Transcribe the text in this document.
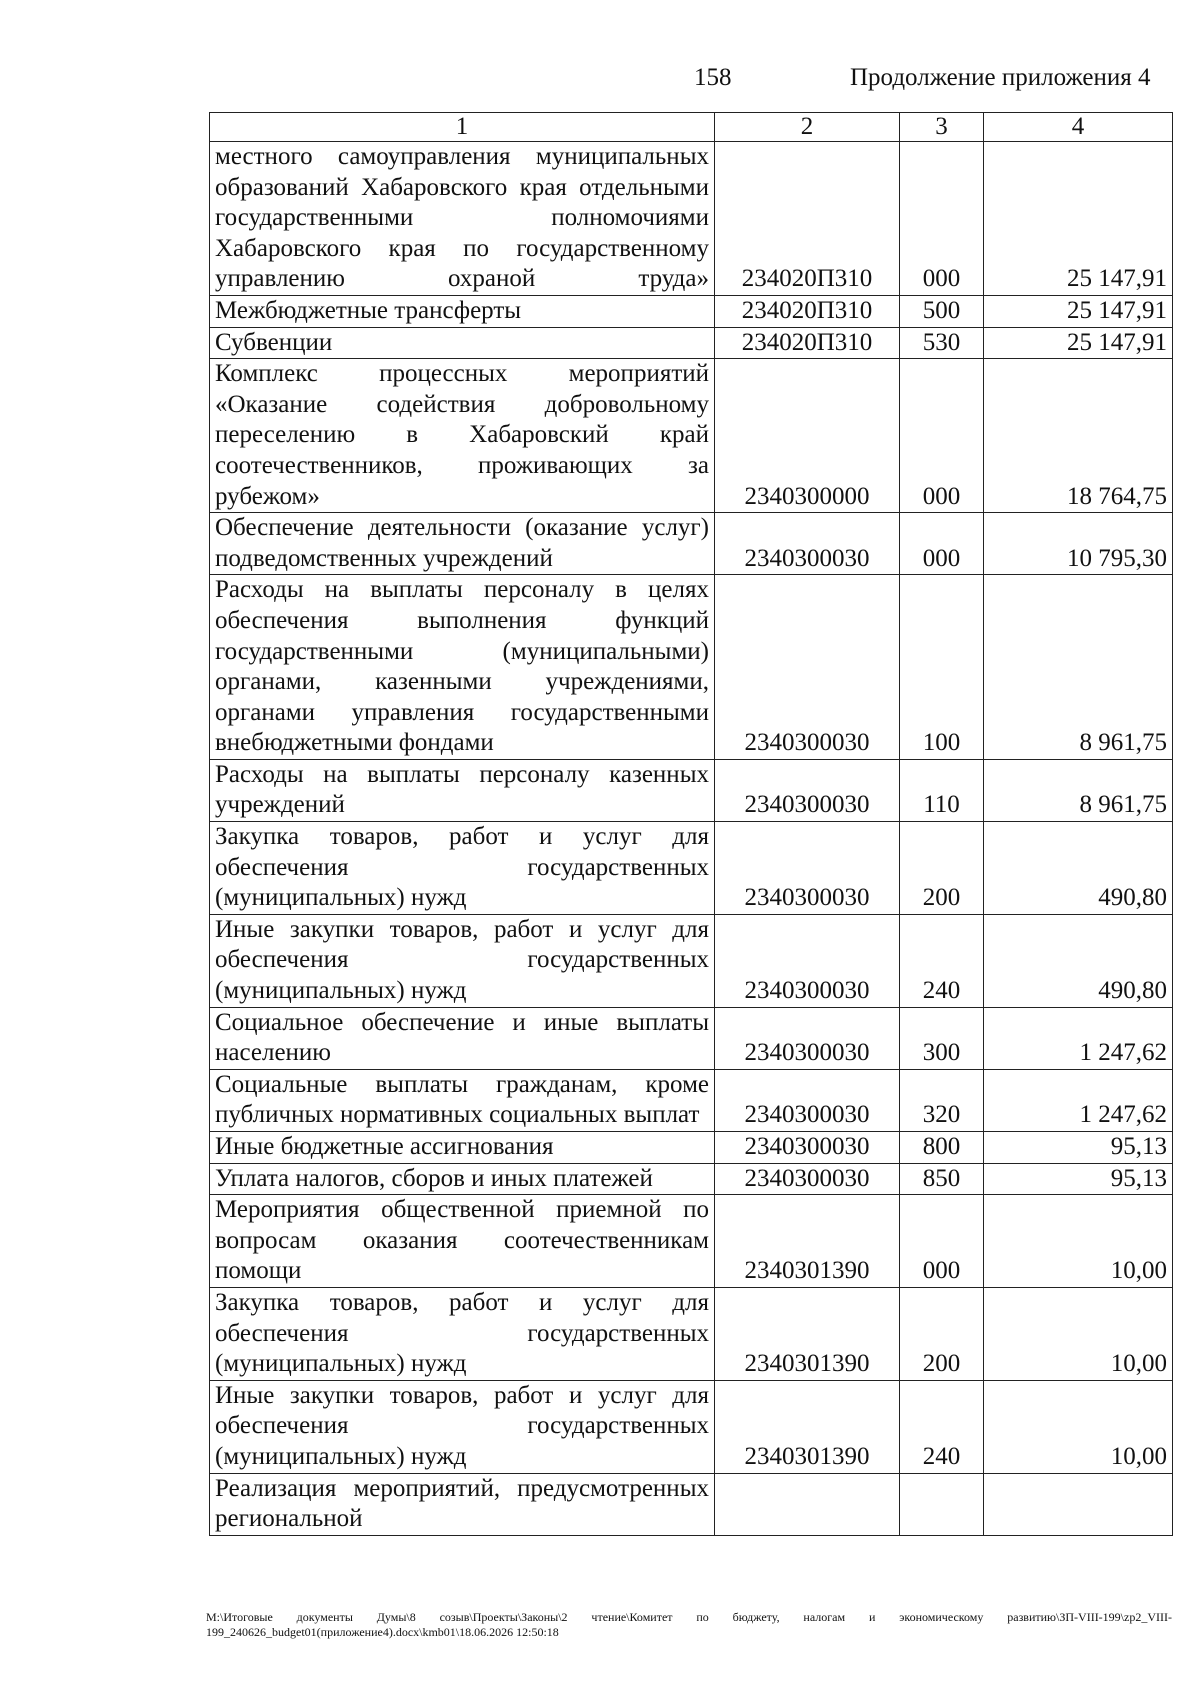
158	Продолжение приложения 4
1	2	3	4
местного самоуправления муниципальных образований Хабаровского края отдельными государственными полномочиями Хабаровского края по государственному управлению охраной труда»	234020П310	000	25 147,91
Межбюджетные трансферты	234020П310	500	25 147,91
Субвенции	234020П310	530	25 147,91
Комплекс процессных мероприятий «Оказание содействия добровольному переселению в Хабаровский край соотечественников, проживающих за рубежом»	2340300000	000	18 764,75
Обеспечение деятельности (оказание услуг) подведомственных учреждений	2340300030	000	10 795,30
Расходы на выплаты персоналу в целях обеспечения выполнения функций государственными (муниципальными) органами, казенными учреждениями, органами управления государственными внебюджетными фондами	2340300030	100	8 961,75
Расходы на выплаты персоналу казенных учреждений	2340300030	110	8 961,75
Закупка товаров, работ и услуг для обеспечения государственных (муниципальных) нужд	2340300030	200	490,80
Иные закупки товаров, работ и услуг для обеспечения государственных (муниципальных) нужд	2340300030	240	490,80
Социальное обеспечение и иные выплаты населению	2340300030	300	1 247,62
Социальные выплаты гражданам, кроме публичных нормативных социальных выплат	2340300030	320	1 247,62
Иные бюджетные ассигнования	2340300030	800	95,13
Уплата налогов, сборов и иных платежей	2340300030	850	95,13
Мероприятия общественной приемной по вопросам оказания соотечественникам помощи	2340301390	000	10,00
Закупка товаров, работ и услуг для обеспечения государственных (муниципальных) нужд	2340301390	200	10,00
Иные закупки товаров, работ и услуг для обеспечения государственных (муниципальных) нужд	2340301390	240	10,00
Реализация мероприятий, предусмотренных региональной			
М:\Итоговые документы Думы\8 созыв\Проекты\Законы\2 чтение\Комитет по бюджету, налогам и экономическому развитию\ЗП-VIII-199\zp2_VIII-199_240626_budget01(приложение4).docx\kmb01\18.06.2026 12:50:18
